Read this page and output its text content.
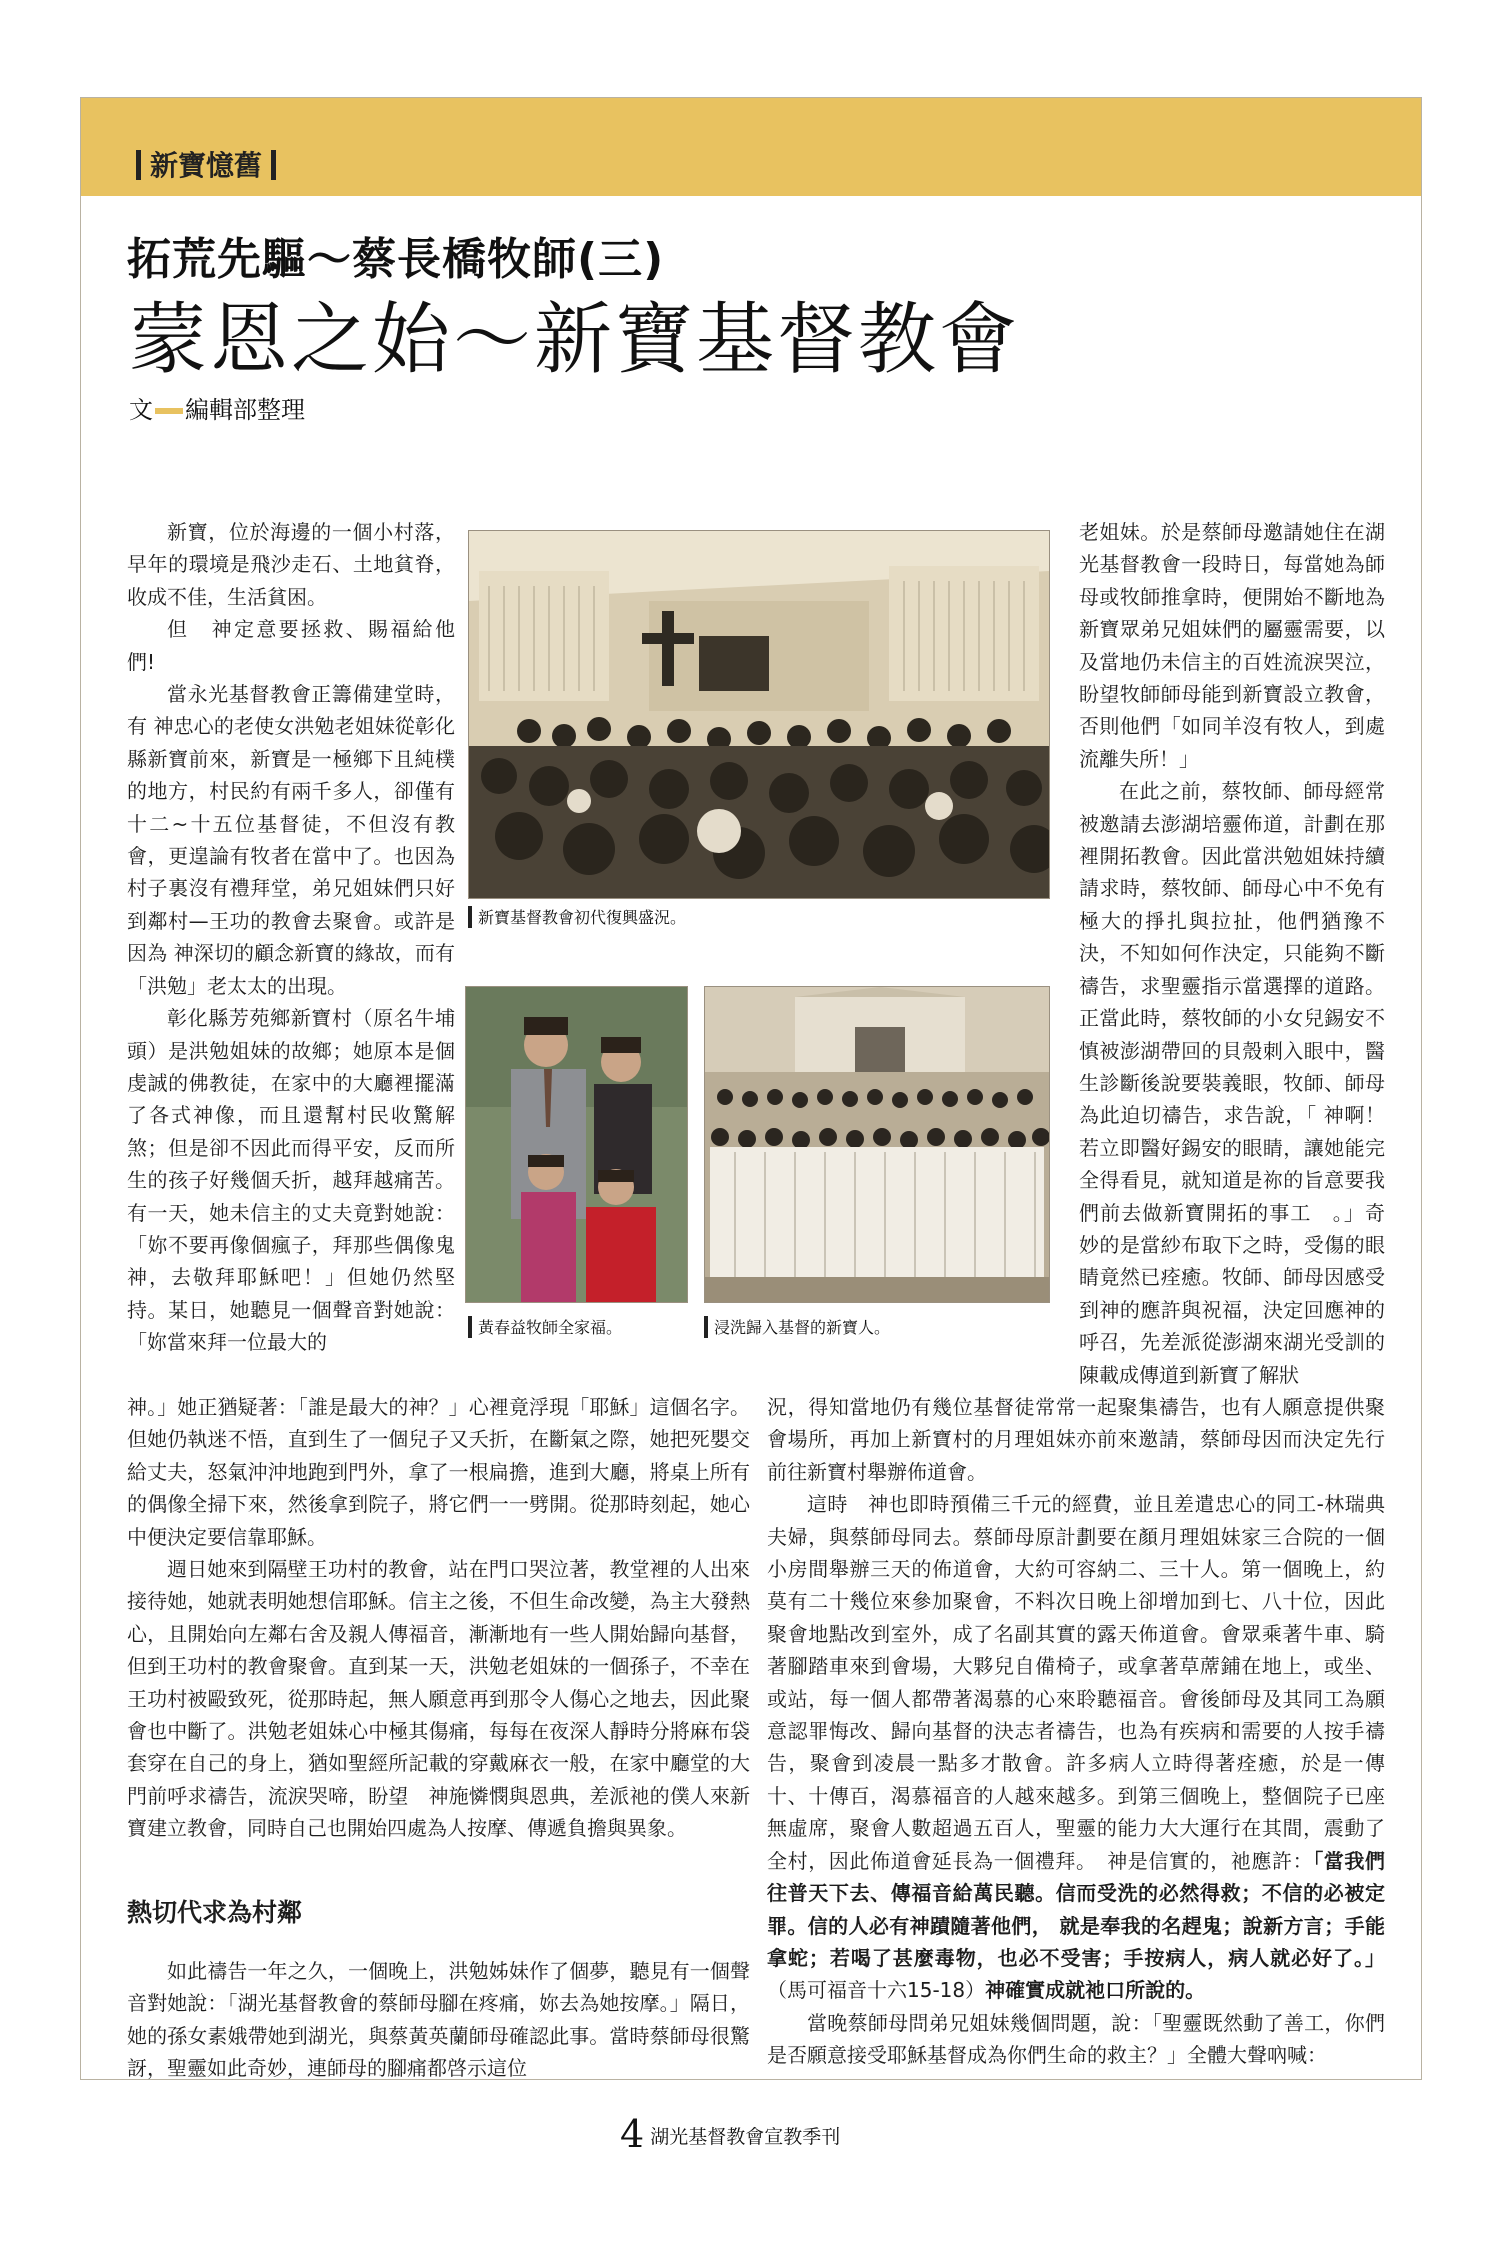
新寶憶舊
拓荒先驅～蔡長橋牧師(三)
蒙恩之始～新寶基督教會
文 編輯部整理

新寶，位於海邊的一個小村落，早年的環境是飛沙走石、土地貧脊，收成不佳，生活貧困。

但　神定意要拯救、賜福給他們!

當永光基督教會正籌備建堂時，有 神忠心的老使女洪勉老姐妹從彰化縣新寶前來，新寶是一極鄉下且純樸的地方，村民約有兩千多人，卻僅有十二~十五位基督徒，不但沒有教會，更遑論有牧者在當中了。也因為村子裏沒有禮拜堂，弟兄姐妹們只好到鄰村—王功的教會去聚會。或許是因為 神深切的顧念新寶的緣故，而有「洪勉」老太太的出現。

彰化縣芳苑鄉新寶村（原名牛埔頭）是洪勉姐妹的故鄉；她原本是個虔誠的佛教徒，在家中的大廳裡擺滿了各式神像，而且還幫村民收驚解煞；但是卻不因此而得平安，反而所生的孩子好幾個夭折，越拜越痛苦。有一天，她未信主的丈夫竟對她說：「妳不要再像個瘋子，拜那些偶像鬼神，去敬拜耶穌吧！」但她仍然堅持。某日，她聽見一個聲音對她說：「妳當來拜一位最大的

新寶基督教會初代復興盛況。
黃春益牧師全家福。	浸洗歸入基督的新寶人。

老姐妹。於是蔡師母邀請她住在湖光基督教會一段時日，每當她為師母或牧師推拿時，便開始不斷地為新寶眾弟兄姐妹們的屬靈需要，以及當地仍未信主的百姓流淚哭泣，盼望牧師師母能到新寶設立教會，否則他們「如同羊沒有牧人，到處流離失所！」

在此之前，蔡牧師、師母經常被邀請去澎湖培靈佈道，計劃在那裡開拓教會。因此當洪勉姐妹持續請求時，蔡牧師、師母心中不免有極大的掙扎與拉扯，他們猶豫不決，不知如何作決定，只能夠不斷禱告，求聖靈指示當選擇的道路。正當此時，蔡牧師的小女兒錫安不慎被澎湖帶回的貝殼刺入眼中，醫生診斷後說要裝義眼，牧師、師母為此迫切禱告，求告說，「 神啊！若立即醫好錫安的眼睛，讓她能完全得看見，就知道是祢的旨意要我們前去做新寶開拓的事工　。」奇妙的是當紗布取下之時，受傷的眼睛竟然已痊癒。牧師、師母因感受到神的應許與祝福，決定回應神的呼召，先差派從澎湖來湖光受訓的陳載成傳道到新寶了解狀

神。」她正猶疑著：「誰是最大的神？」心裡竟浮現「耶穌」這個名字。但她仍執迷不悟，直到生了一個兒子又夭折，在斷氣之際，她把死嬰交給丈夫，怒氣沖沖地跑到門外，拿了一根扁擔，進到大廳，將桌上所有的偶像全掃下來，然後拿到院子，將它們一一劈開。從那時刻起，她心中便決定要信靠耶穌。

週日她來到隔壁王功村的教會，站在門口哭泣著，教堂裡的人出來接待她，她就表明她想信耶穌。信主之後，不但生命改變，為主大發熱心，且開始向左鄰右舍及親人傳福音，漸漸地有一些人開始歸向基督，但到王功村的教會聚會。直到某一天，洪勉老姐妹的一個孫子，不幸在王功村被毆致死，從那時起，無人願意再到那令人傷心之地去，因此聚會也中斷了。洪勉老姐妹心中極其傷痛，每每在夜深人靜時分將麻布袋套穿在自己的身上，猶如聖經所記載的穿戴麻衣一般，在家中廳堂的大門前呼求禱告，流淚哭啼，盼望　神施憐憫與恩典，差派祂的僕人來新寶建立教會，同時自己也開始四處為人按摩、傳遞負擔與異象。

熱切代求為村鄰

如此禱告一年之久，一個晚上，洪勉姊妹作了個夢，聽見有一個聲音對她說：「湖光基督教會的蔡師母腳在疼痛，妳去為她按摩。」隔日，她的孫女素娥帶她到湖光，與蔡黃英蘭師母確認此事。當時蔡師母很驚訝，聖靈如此奇妙，連師母的腳痛都啓示這位

況，得知當地仍有幾位基督徒常常一起聚集禱告，也有人願意提供聚會場所，再加上新寶村的月理姐妹亦前來邀請，蔡師母因而決定先行前往新寶村舉辦佈道會。

這時　神也即時預備三千元的經費，並且差遣忠心的同工-林瑞典夫婦，與蔡師母同去。蔡師母原計劃要在顏月理姐妹家三合院的一個小房間舉辦三天的佈道會，大約可容納二、三十人。第一個晚上，約莫有二十幾位來參加聚會，不料次日晚上卻增加到七、八十位，因此聚會地點改到室外，成了名副其實的露天佈道會。會眾乘著牛車、騎著腳踏車來到會場，大夥兒自備椅子，或拿著草蓆鋪在地上，或坐、或站，每一個人都帶著渴慕的心來聆聽福音。會後師母及其同工為願意認罪悔改、歸向基督的決志者禱告，也為有疾病和需要的人按手禱告，聚會到凌晨一點多才散會。許多病人立時得著痊癒，於是一傳十、十傳百，渴慕福音的人越來越多。到第三個晚上，整個院子已座無虛席，聚會人數超過五百人，聖靈的能力大大運行在其間，震動了全村，因此佈道會延長為一個禮拜。　神是信實的，祂應許：「當我們往普天下去、傳福音給萬民聽。信而受洗的必然得救；不信的必被定罪。信的人必有神蹟隨著他們， 就是奉我的名趕鬼；說新方言；手能拿蛇；若喝了甚麼毒物，也必不受害；手按病人，病人就必好了。」（馬可福音十六15-18）神確實成就祂口所說的。

當晚蔡師母問弟兄姐妹幾個問題，說：「聖靈既然動了善工，你們是否願意接受耶穌基督成為你們生命的救主？」全體大聲吶喊：

4 湖光基督教會宣教季刊
